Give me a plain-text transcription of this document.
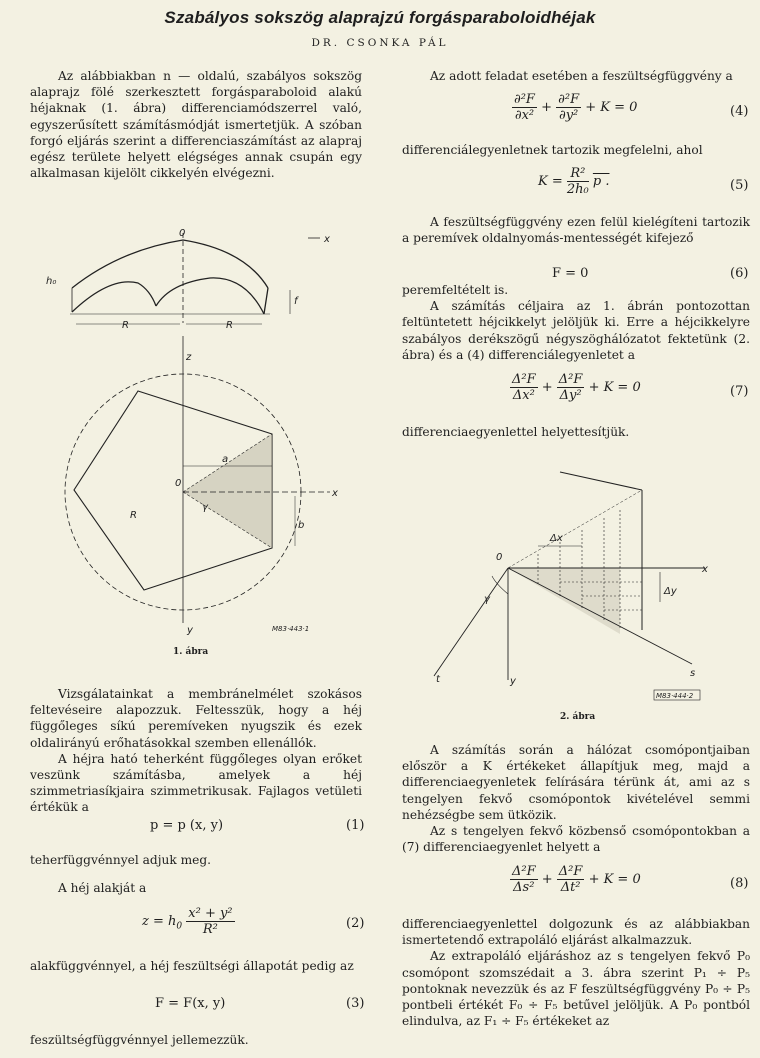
Szabályos sokszög alaprajzú forgásparaboloidhéjak
DR. CSONKA PÁL

Az alábbiakban n — oldalú, szabályos sokszög alaprajz fölé szerkesztett forgásparaboloid alakú héjaknak (1. ábra) differenciamódszerrel való, egyszerűsített számításmódját ismertetjük. A szóban forgó eljárás szerint a differenciaszámítást az alapraj egész területe helyett elégséges annak csupán egy alkalmasan kijelölt cikkelyén elvégezni.

0
x
h₀
f
R	R
z
a
0
x
γ
R
b
y	M83·443·1
1. ábra

Vizsgálatainkat a membránelmélet szokásos feltevéseire alapozzuk. Feltesszük, hogy a héj függőleges síkú peremíveken nyugszik és ezek oldalirányú erőhatásokkal szemben ellenállók.

A héjra ható teherként függőleges olyan erőket veszünk számításba, amelyek a héj szimmetriasíkjaira szimmetrikusak. Fajlagos vetületi értékük a

p = p (x, y)	(1)

teherfüggvénnyel adjuk meg.

A héj alakját a

$z = h_0 \frac{\text{x² + y²}}{\text{R²}}$	(2)

alakfüggvénnyel, a héj feszültségi állapotát pedig az

F = F(x, y)	(3)

feszültségfüggvénnyel jellemezzük.

Az adott feladat esetében a feszültségfüggvény a

$\frac{\text{∂²F}}{\text{∂x²}} + \frac{\text{∂²F}}{\text{∂y²}} + K = 0$	(4)

differenciálegyenletnek tartozik megfelelni, ahol

$K = \frac{\text{R²}}{\text{2h₀}}$ p .	(5)

A feszültségfüggvény ezen felül kielégíteni tartozik a peremívek oldalnyomás-mentességét kifejező

F = 0	(6)

peremfeltételt is.

A számítás céljaira az 1. ábrán pontozottan feltüntetett héjcikkelyt jelöljük ki. Erre a héjcikkelyre szabályos derékszögű négyszöghálózatot fektetünk (2. ábra) és a (4) differenciálegyenletet a

$\frac{\text{Δ²F}}{\text{Δx²}} + \frac{\text{Δ²F}}{\text{Δy²}} + K = 0$	(7)

differenciaegyenlettel helyettesítjük.

0
x
Δx
Δy
γ
t	y
s
M83·444·2
2. ábra

A számítás során a hálózat csomópontjaiban először a K értékeket állapítjuk meg, majd a differenciaegyenletek felírására térünk át, ami az s tengelyen fekvő csomópontok kivételével semmi nehézségbe sem ütközik.

Az s tengelyen fekvő közbenső csomópontokban a (7) differenciaegyenlet helyett a

$\frac{\text{Δ²F}}{\text{Δs²}} + \frac{\text{Δ²F}}{\text{Δt²}} + K = 0$	(8)

differenciaegyenlettel dolgozunk és az alábbiakban ismertetendő extrapoláló eljárást alkalmazzuk.

Az extrapoláló eljáráshoz az s tengelyen fekvő P₀ csomópont szomszédait a 3. ábra szerint P₁ ÷ P₅ pontoknak nevezzük és az F feszültségfüggvény P₀ ÷ P₅ pontbeli értékét F₀ ÷ F₅ betűvel jelöljük. A P₀ pontból elindulva, az F₁ ÷ F₅ értékeket az
